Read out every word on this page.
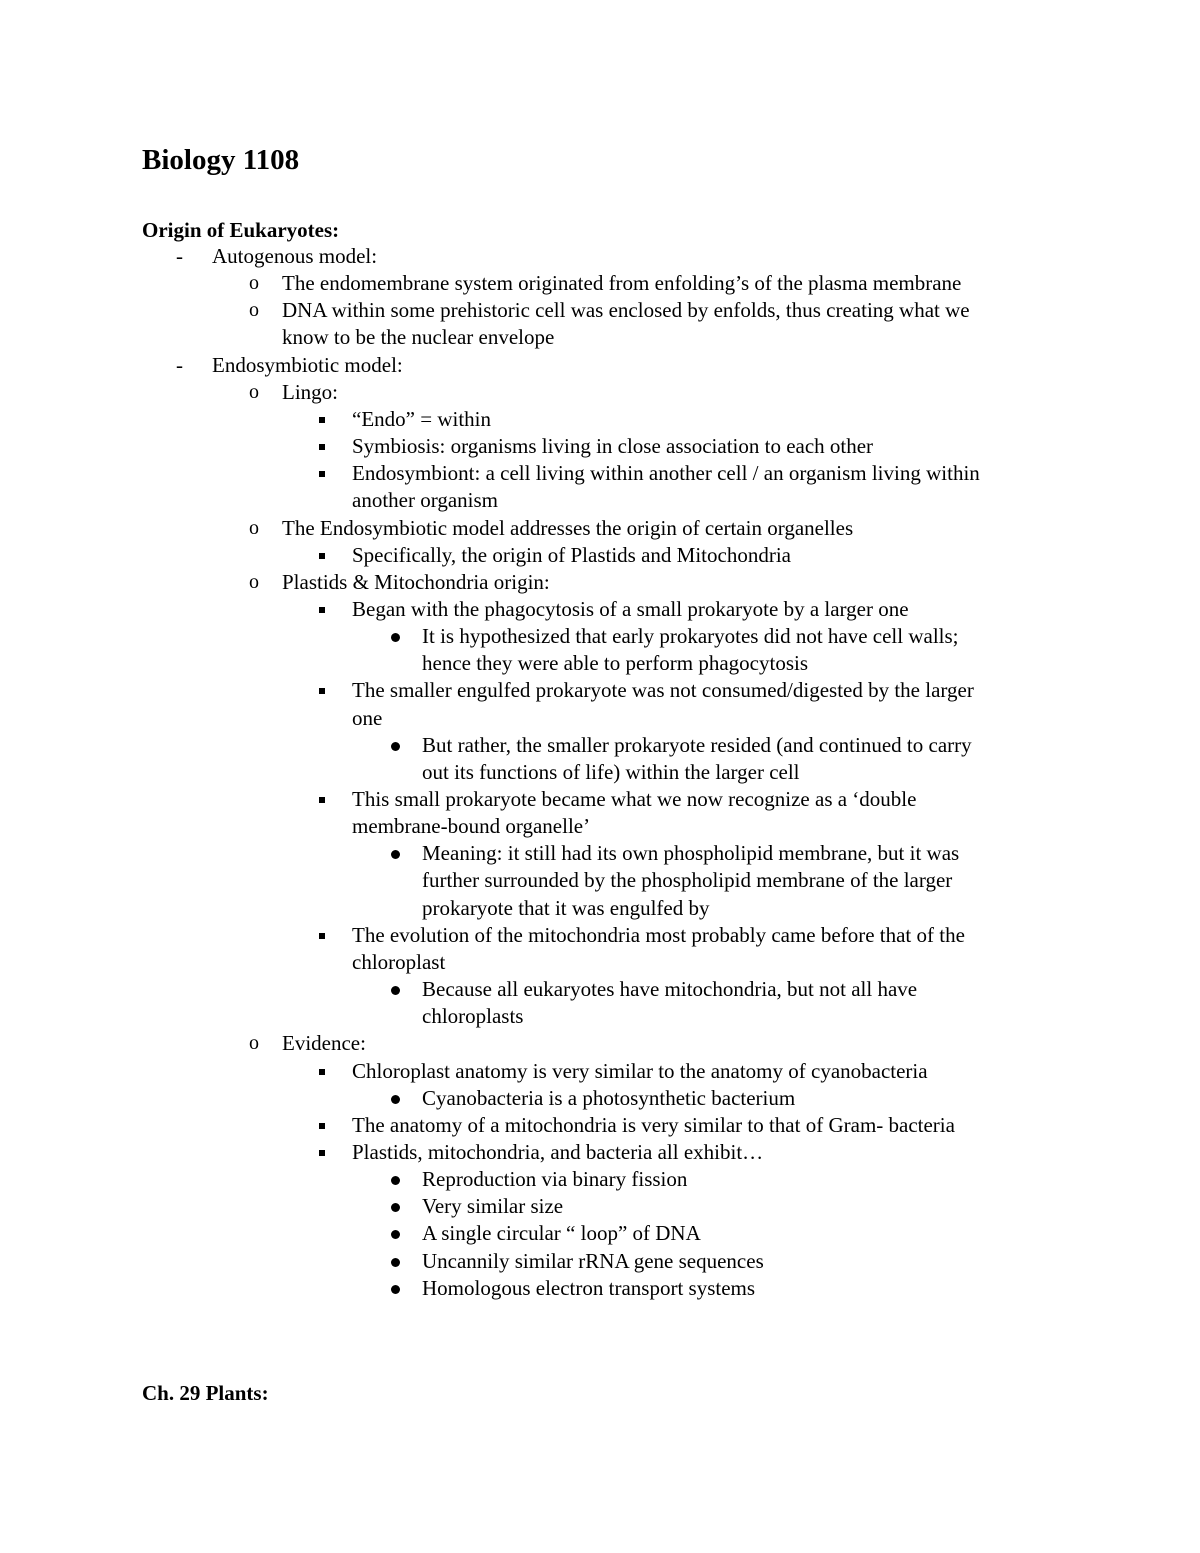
Biology 1108
Origin of Eukaryotes:
- Autogenous model:
o The endomembrane system originated from enfolding’s of the plasma membrane
o DNA within some prehistoric cell was enclosed by enfolds, thus creating what we
know to be the nuclear envelope
- Endosymbiotic model:
o Lingo:
“Endo” = within
Symbiosis: organisms living in close association to each other
Endosymbiont: a cell living within another cell / an organism living within
another organism
o The Endosymbiotic model addresses the origin of certain organelles
Specifically, the origin of Plastids and Mitochondria
o Plastids & Mitochondria origin:
Began with the phagocytosis of a small prokaryote by a larger one
It is hypothesized that early prokaryotes did not have cell walls;
hence they were able to perform phagocytosis
The smaller engulfed prokaryote was not consumed/digested by the larger
one
But rather, the smaller prokaryote resided (and continued to carry
out its functions of life) within the larger cell
This small prokaryote became what we now recognize as a ‘double
membrane-bound organelle’
Meaning: it still had its own phospholipid membrane, but it was
further surrounded by the phospholipid membrane of the larger
prokaryote that it was engulfed by
The evolution of the mitochondria most probably came before that of the
chloroplast
Because all eukaryotes have mitochondria, but not all have
chloroplasts
o Evidence:
Chloroplast anatomy is very similar to the anatomy of cyanobacteria
Cyanobacteria is a photosynthetic bacterium
The anatomy of a mitochondria is very similar to that of Gram- bacteria
Plastids, mitochondria, and bacteria all exhibit…
Reproduction via binary fission
Very similar size
A single circular “ loop” of DNA
Uncannily similar rRNA gene sequences
Homologous electron transport systems
Ch. 29 Plants:
